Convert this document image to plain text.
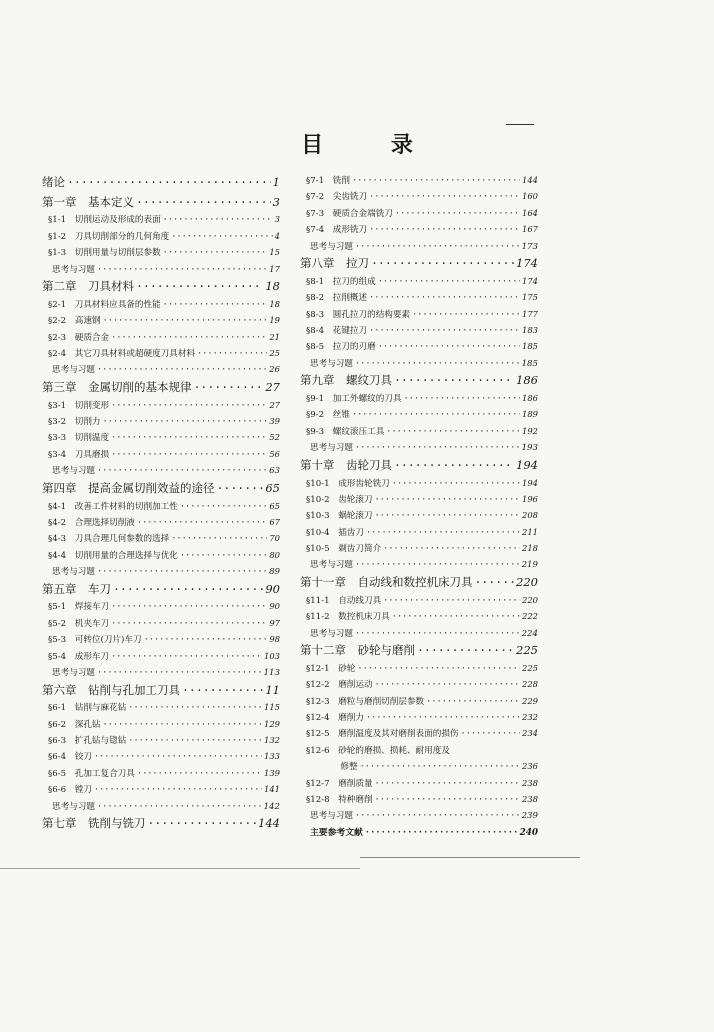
目 录
绪论 ·····	1
第一章　基本定义 ·····	3
§1-1　切削运动及形成的表面 ·····	3
§1-2　刀具切削部分的几何角度 ·····	4
§1-3　切削用量与切削层参数 ·····	15
思考与习题 ·····	17
第二章　刀具材料 ·····	18
§2-1　刀具材料应具备的性能 ·····	18
§2-2　高速钢 ·····	19
§2-3　硬质合金 ·····	21
§2-4　其它刀具材料或超硬度刀具材料 ·····	25
思考与习题 ·····	26
第三章　金属切削的基本规律 ·····	27
§3-1　切削变形 ·····	27
§3-2　切削力 ·····	39
§3-3　切削温度 ·····	52
§3-4　刀具磨损 ·····	56
思考与习题 ·····	63
第四章　提高金属切削效益的途径 ·····	65
§4-1　改善工件材料的切削加工性 ·····	65
§4-2　合理选择切削液 ·····	67
§4-3　刀具合理几何参数的选择 ·····	70
§4-4　切削用量的合理选择与优化 ·····	80
思考与习题 ·····	89
第五章　车刀 ·····	90
§5-1　焊接车刀 ·····	90
§5-2　机夹车刀 ·····	97
§5-3　可转位(刀片)车刀 ·····	98
§5-4　成形车刀 ·····	103
思考与习题 ·····	113
第六章　钻削与孔加工刀具 ·····	11
§6-1　钻削与麻花钻 ·····	115
§6-2　深孔钻 ·····	129
§6-3　扩孔钻与锪钻 ·····	132
§6-4　铰刀 ·····	133
§6-5　孔加工复合刀具 ·····	139
§6-6　镗刀 ·····	141
思考与习题 ·····	142
第七章　铣削与铣刀 ·····	144
§7-1　铣削 ·····	144
§7-2　尖齿铣刀 ·····	160
§7-3　硬质合金端铣刀 ·····	164
§7-4　成形铣刀 ·····	167
思考与习题 ·····	173
第八章　拉刀 ·····	174
§8-1　拉刀的组成 ·····	174
§8-2　拉削概述 ·····	175
§8-3　圆孔拉刀的结构要素 ·····	177
§8-4　花键拉刀 ·····	183
§8-5　拉刀的刃磨 ·····	185
思考与习题 ·····	185
第九章　螺纹刀具 ·····	186
§9-1　加工外螺纹的刀具 ·····	186
§9-2　丝锥 ·····	189
§9-3　螺纹滚压工具 ·····	192
思考与习题 ·····	193
第十章　齿轮刀具 ·····	194
§10-1　成形齿轮铣刀 ·····	194
§10-2　齿轮滚刀 ·····	196
§10-3　蜗轮滚刀 ·····	208
§10-4　插齿刀 ·····	211
§10-5　剃齿刀简介 ·····	218
思考与习题 ·····	219
第十一章　自动线和数控机床刀具 ·····	220
§11-1　自动线刀具 ·····	220
§11-2　数控机床刀具 ·····	222
思考与习题 ·····	224
第十二章　砂轮与磨削 ·····	225
§12-1　砂轮 ·····	225
§12-2　磨削运动 ·····	228
§12-3　磨粒与磨削切削层参数 ·····	229
§12-4　磨削力 ·····	232
§12-5　磨削温度及其对磨削表面的损伤 ·····	234
§12-6　砂轮的磨损、损耗、耐用度及
　　　　修整 ·····	236
§12-7　磨削质量 ·····	238
§12-8　特种磨削 ·····	238
思考与习题 ·····	239
主要参考文献 ·····	240
